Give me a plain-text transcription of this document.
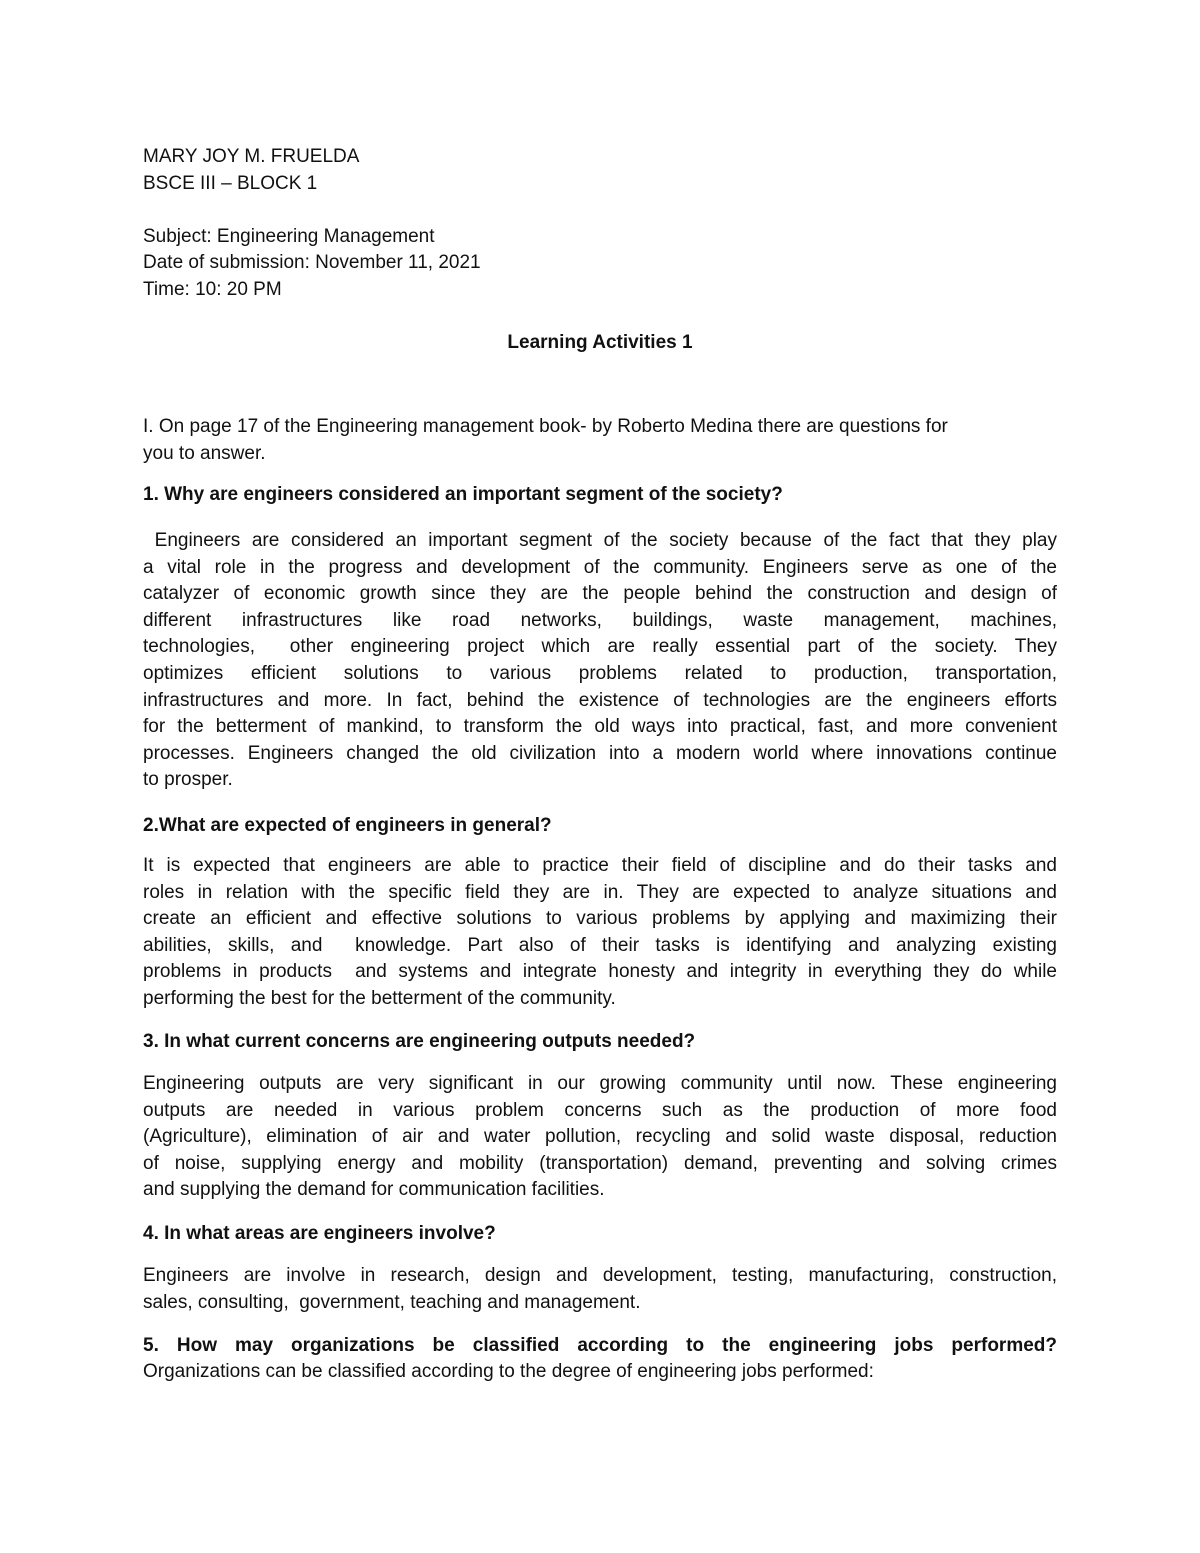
MARY JOY M. FRUELDA
BSCE III – BLOCK 1
Subject: Engineering Management
Date of submission: November 11, 2021
Time: 10: 20 PM
Learning Activities 1
I. On page 17 of the Engineering management book- by Roberto Medina there are questions for
you to answer.
1. Why are engineers considered an important segment of the society?
Engineers are considered an important segment of the society because of the fact that they play
a vital role in the progress and development of the community. Engineers serve as one of the
catalyzer of economic growth since they are the people behind the construction and design of
different infrastructures like road networks, buildings, waste management, machines,
technologies,  other engineering project which are really essential part of the society. They
optimizes efficient solutions to various problems related to production, transportation,
infrastructures and more. In fact, behind the existence of technologies are the engineers efforts
for the betterment of mankind, to transform the old ways into practical, fast, and more convenient
processes. Engineers changed the old civilization into a modern world where innovations continue
to prosper.
2.What are expected of engineers in general?
It is expected that engineers are able to practice their field of discipline and do their tasks and
roles in relation with the specific field they are in. They are expected to analyze situations and
create an efficient and effective solutions to various problems by applying and maximizing their
abilities, skills, and  knowledge. Part also of their tasks is identifying and analyzing existing
problems in products  and systems and integrate honesty and integrity in everything they do while
performing the best for the betterment of the community.
3. In what current concerns are engineering outputs needed?
Engineering outputs are very significant in our growing community until now. These engineering
outputs are needed in various problem concerns such as the production of more food
(Agriculture), elimination of air and water pollution, recycling and solid waste disposal, reduction
of noise, supplying energy and mobility (transportation) demand, preventing and solving crimes
and supplying the demand for communication facilities.
4. In what areas are engineers involve?
Engineers are involve in research, design and development, testing, manufacturing, construction,
sales, consulting,  government, teaching and management.
5. How may organizations be classified according to the engineering jobs performed?
Organizations can be classified according to the degree of engineering jobs performed:
